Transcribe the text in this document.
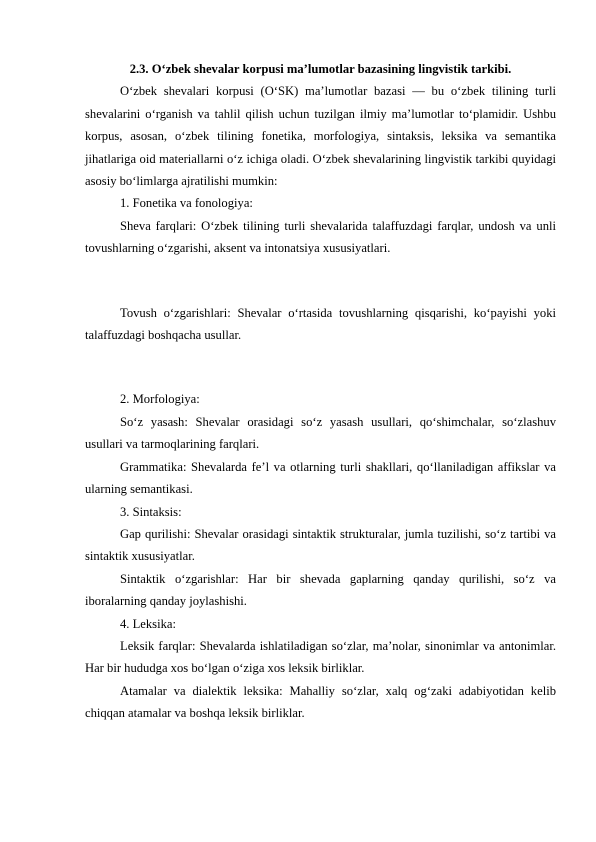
2.3. O‘zbek shevalar korpusi ma’lumotlar bazasining lingvistik tarkibi.

O‘zbek shevalari korpusi (O‘SK) ma’lumotlar bazasi — bu o‘zbek tilining turli shevalarini o‘rganish va tahlil qilish uchun tuzilgan ilmiy ma’lumotlar to‘plamidir. Ushbu korpus, asosan, o‘zbek tilining fonetika, morfologiya, sintaksis, leksika va semantika jihatlariga oid materiallarni o‘z ichiga oladi. O‘zbek shevalarining lingvistik tarkibi quyidagi asosiy bo‘limlarga ajratilishi mumkin:

1. Fonetika va fonologiya:

Sheva farqlari: O‘zbek tilining turli shevalarida talaffuzdagi farqlar, undosh va unli tovushlarning o‘zgarishi, aksent va intonatsiya xususiyatlari.

Tovush o‘zgarishlari: Shevalar o‘rtasida tovushlarning qisqarishi, ko‘payishi yoki talaffuzdagi boshqacha usullar.

2. Morfologiya:

So‘z yasash: Shevalar orasidagi so‘z yasash usullari, qo‘shimchalar, so‘zlashuv usullari va tarmoqlarining farqlari.

Grammatika: Shevalarda fe’l va otlarning turli shakllari, qo‘llaniladigan affikslar va ularning semantikasi.

3. Sintaksis:

Gap qurilishi: Shevalar orasidagi sintaktik strukturalar, jumla tuzilishi, so‘z tartibi va sintaktik xususiyatlar.

Sintaktik o‘zgarishlar: Har bir shevada gaplarning qanday qurilishi, so‘z va iboralarning qanday joylashishi.

4. Leksika:

Leksik farqlar: Shevalarda ishlatiladigan so‘zlar, ma’nolar, sinonimlar va antonimlar. Har bir hududga xos bo‘lgan o‘ziga xos leksik birliklar.

Atamalar va dialektik leksika: Mahalliy so‘zlar, xalq og‘zaki adabiyotidan kelib chiqqan atamalar va boshqa leksik birliklar.
